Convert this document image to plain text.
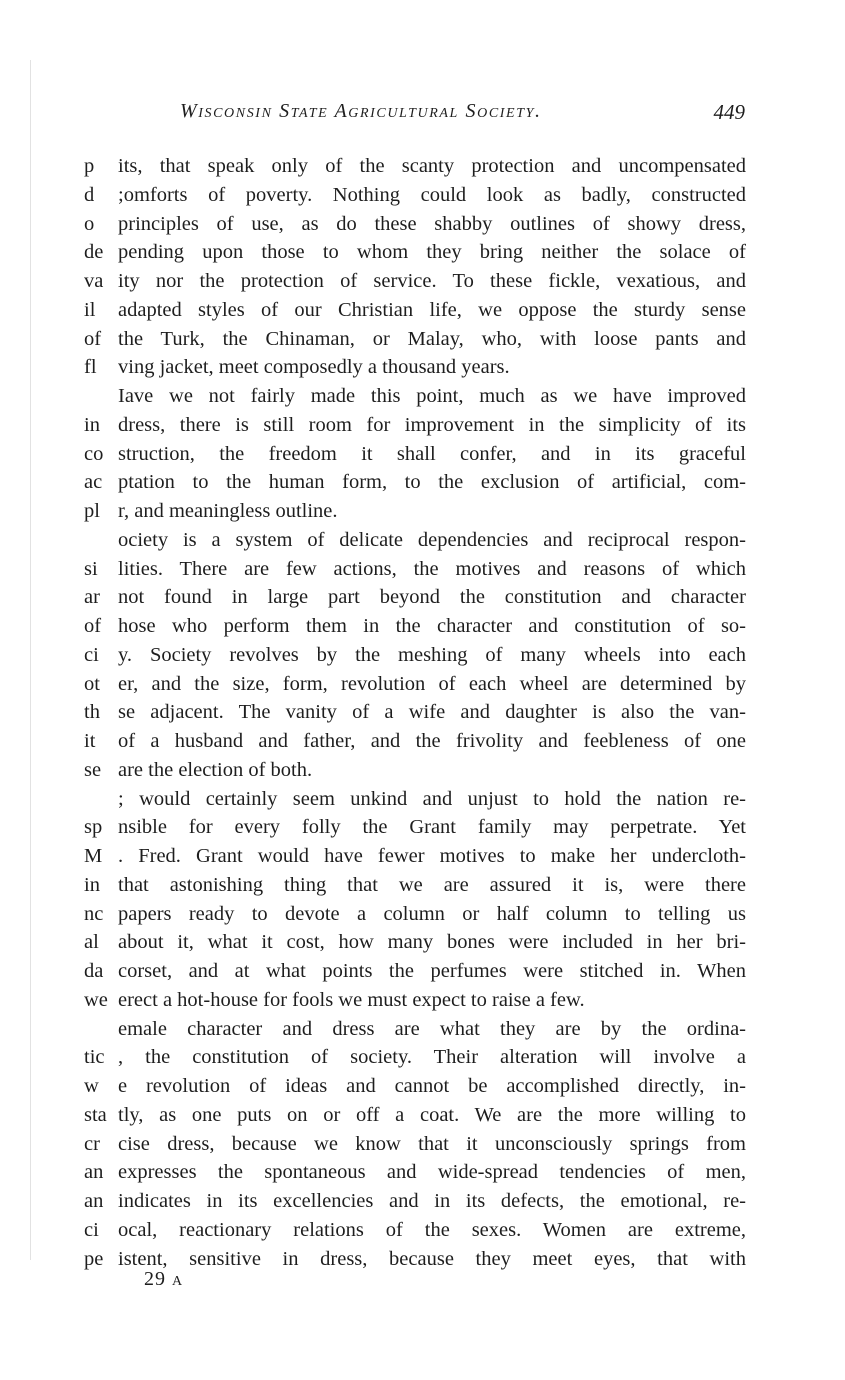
Wisconsin State Agricultural Society.	449
p	its, that speak only of the scanty protection and uncompensated
d	;omforts of poverty. Nothing could look as badly, constructed
o	principles of use, as do these shabby outlines of showy dress,
de pending upon those to whom they bring neither the solace of
va ity nor the protection of service. To these fickle, vexatious, and
il	adapted styles of our Christian life, we oppose the sturdy sense
of the Turk, the Chinaman, or Malay, who, with loose pants and
fl	ving jacket, meet composedly a thousand years.
Iave we not fairly made this point, much as we have improved
in dress, there is still room for improvement in the simplicity of its
co struction, the freedom it shall confer, and in its graceful
ac ptation to the human form, to the exclusion of artificial, com-
pl r, and meaningless outline.
ociety is a system of delicate dependencies and reciprocal respon-
si lities. There are few actions, the motives and reasons of which
ar not found in large part beyond the constitution and character
of hose who perform them in the character and constitution of so-
ci y. Society revolves by the meshing of many wheels into each
ot er, and the size, form, revolution of each wheel are determined by
th se adjacent. The vanity of a wife and daughter is also the van-
it	of a husband and father, and the frivolity and feebleness of one
se are the election of both.
; would certainly seem unkind and unjust to hold the nation re-
sp nsible for every folly the Grant family may perpetrate. Yet
M . Fred. Grant would have fewer motives to make her undercloth-
in that astonishing thing that we are assured it is, were there
nc papers ready to devote a column or half column to telling us
al about it, what it cost, how many bones were included in her bri-
da corset, and at what points the perfumes were stitched in. When
we erect a hot-house for fools we must expect to raise a few.
emale character and dress are what they are by the ordina-
tic , the constitution of society. Their alteration will involve a
w e revolution of ideas and cannot be accomplished directly, in-
sta tly, as one puts on or off a coat. We are the more willing to
cr cise dress, because we know that it unconsciously springs from
an expresses the spontaneous and wide-spread tendencies of men,
an indicates in its excellencies and in its defects, the emotional, re-
ci ocal, reactionary relations of the sexes. Women are extreme,
pe istent, sensitive in dress, because they meet eyes, that with
29 A
